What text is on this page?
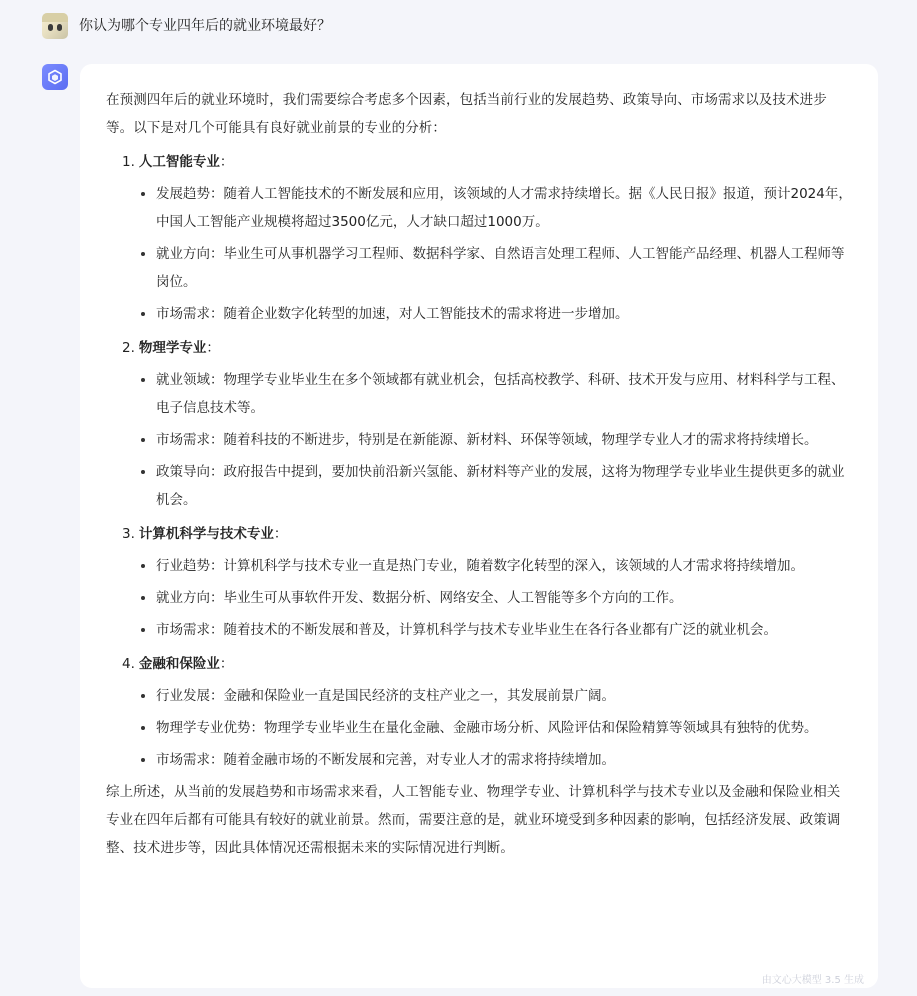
你认为哪个专业四年后的就业环境最好？

在预测四年后的就业环境时，我们需要综合考虑多个因素，包括当前行业的发展趋势、政策导向、市场需求以及技术进步等。以下是对几个可能具有良好就业前景的专业的分析：

1. 人工智能专业：
发展趋势：随着人工智能技术的不断发展和应用，该领域的人才需求持续增长。据《人民日报》报道，预计2024年，中国人工智能产业规模将超过3500亿元，人才缺口超过1000万。
就业方向：毕业生可从事机器学习工程师、数据科学家、自然语言处理工程师、人工智能产品经理、机器人工程师等岗位。
市场需求：随着企业数字化转型的加速，对人工智能技术的需求将进一步增加。
2. 物理学专业：
就业领域：物理学专业毕业生在多个领域都有就业机会，包括高校教学、科研、技术开发与应用、材料科学与工程、电子信息技术等。
市场需求：随着科技的不断进步，特别是在新能源、新材料、环保等领域，物理学专业人才的需求将持续增长。
政策导向：政府报告中提到，要加快前沿新兴氢能、新材料等产业的发展，这将为物理学专业毕业生提供更多的就业机会。
3. 计算机科学与技术专业：
行业趋势：计算机科学与技术专业一直是热门专业，随着数字化转型的深入，该领域的人才需求将持续增加。
就业方向：毕业生可从事软件开发、数据分析、网络安全、人工智能等多个方向的工作。
市场需求：随着技术的不断发展和普及，计算机科学与技术专业毕业生在各行各业都有广泛的就业机会。
4. 金融和保险业：
行业发展：金融和保险业一直是国民经济的支柱产业之一，其发展前景广阔。
物理学专业优势：物理学专业毕业生在量化金融、金融市场分析、风险评估和保险精算等领域具有独特的优势。
市场需求：随着金融市场的不断发展和完善，对专业人才的需求将持续增加。

综上所述，从当前的发展趋势和市场需求来看，人工智能专业、物理学专业、计算机科学与技术专业以及金融和保险业相关专业在四年后都有可能具有较好的就业前景。然而，需要注意的是，就业环境受到多种因素的影响，包括经济发展、政策调整、技术进步等，因此具体情况还需根据未来的实际情况进行判断。

由文心大模型 3.5 生成
